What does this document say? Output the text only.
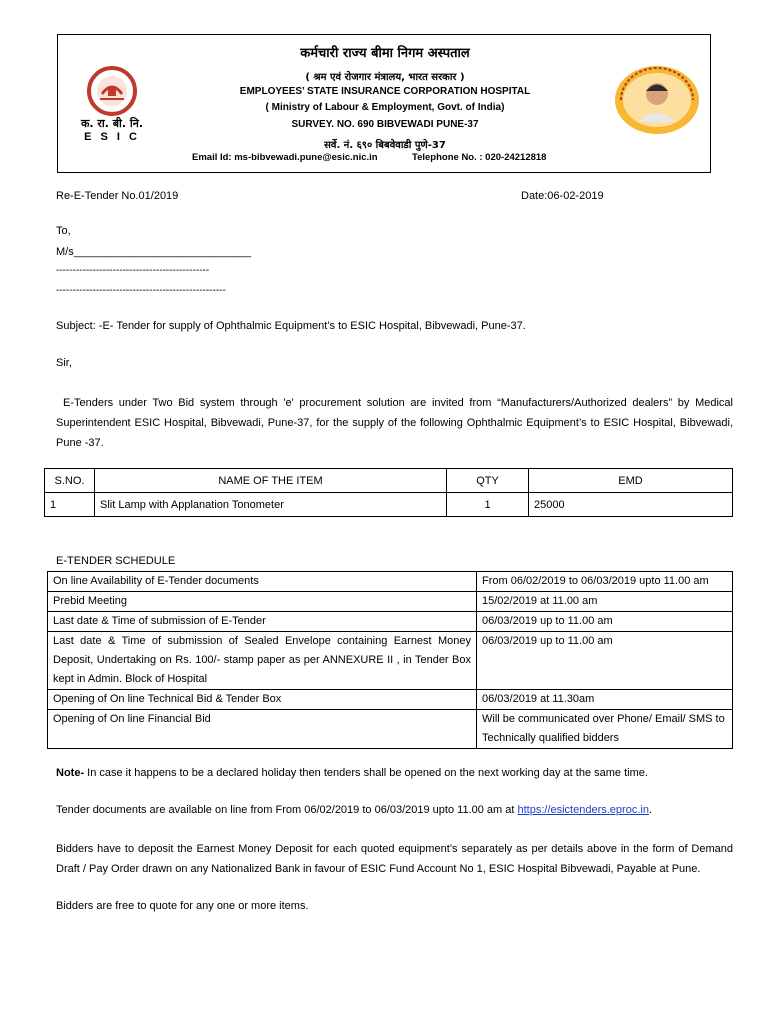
क. रा. बी. नि.
E S I C
कर्मचारी राज्य बीमा निगम अस्पताल
( श्रम एवं रोजगार मंत्रालय, भारत सरकार )
EMPLOYEES’ STATE INSURANCE CORPORATION HOSPITAL
( Ministry of Labour & Employment, Govt. of India)
SURVEY. NO. 690 BIBVEWADI PUNE-37
सर्वे. नं. ६९० बिबवेवाडी पुणे-37
Email Id: ms-bibvewadi.pune@esic.nic.in	Telephone No. : 020-24212818
Re-E-Tender No.01/2019	Date:06-02-2019
To,
M/s_____________________________
----------------------------------------------
---------------------------------------------------
Subject: -E- Tender for supply of Ophthalmic Equipment’s to ESIC Hospital, Bibvewadi, Pune-37.
Sir,
E-Tenders under Two Bid system through 'e' procurement solution are invited from “Manufacturers/Authorized dealers” by Medical Superintendent ESIC Hospital, Bibvewadi, Pune-37, for the supply of the following Ophthalmic Equipment’s to ESIC Hospital, Bibvewadi, Pune -37.
S.NO.	NAME OF THE ITEM	QTY	EMD
1	Slit Lamp with Applanation Tonometer	1	25000
E-TENDER SCHEDULE
On line Availability of E-Tender documents	From 06/02/2019 to 06/03/2019 upto 11.00 am
Prebid Meeting	15/02/2019 at 11.00 am
Last date & Time of submission of E-Tender	06/03/2019 up to 11.00 am
Last date & Time of submission of Sealed Envelope containing Earnest Money Deposit, Undertaking on Rs. 100/- stamp paper as per ANNEXURE II , in Tender Box kept in Admin. Block of Hospital	06/03/2019 up to 11.00 am
Opening of On line Technical Bid & Tender Box	06/03/2019 at 11.30am
Opening of On line Financial Bid	Will be communicated over Phone/ Email/ SMS to Technically qualified bidders
Note- In case it happens to be a declared holiday then tenders shall be opened on the next working day at the same time.
Tender documents are available on line from From 06/02/2019 to 06/03/2019 upto 11.00 am at https://esictenders.eproc.in.
Bidders have to deposit the Earnest Money Deposit for each quoted equipment’s separately as per details above in the form of Demand Draft / Pay Order drawn on any Nationalized Bank in favour of ESIC Fund Account No 1, ESIC Hospital Bibvewadi, Payable at Pune.
Bidders are free to quote for any one or more items.
